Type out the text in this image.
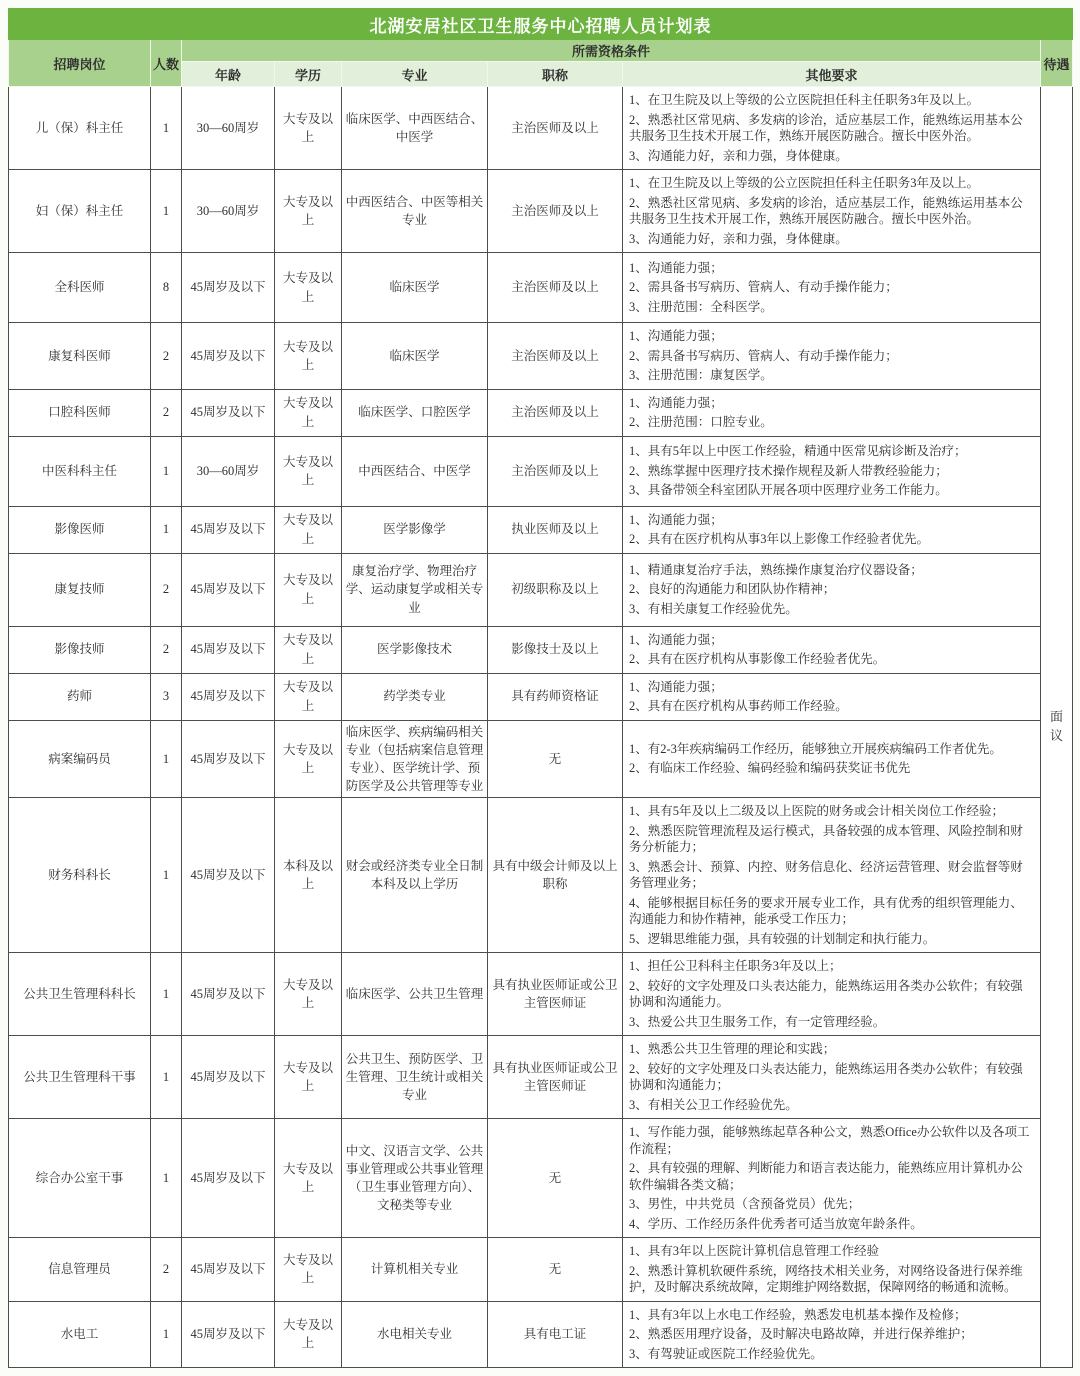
北湖安居社区卫生服务中心招聘人员计划表							
招聘岗位	人数	所需资格条件					待遇
		年龄	学历	专业	职称	其他要求	
儿（保）科主任	1	30—60周岁	大专及以上	临床医学、中西医结合、中医学	主治医师及以上	1、在卫生院及以上等级的公立医院担任科主任职务3年及以上。
2、熟悉社区常见病、多发病的诊治，适应基层工作，能熟练运用基本公共服务卫生技术开展工作，熟练开展医防融合。擅长中医外治。
3、沟通能力好，亲和力强，身体健康。	面议
妇（保）科主任	1	30—60周岁	大专及以上	中西医结合、中医等相关专业	主治医师及以上	1、在卫生院及以上等级的公立医院担任科主任职务3年及以上。
2、熟悉社区常见病、多发病的诊治，适应基层工作，能熟练运用基本公共服务卫生技术开展工作，熟练开展医防融合。擅长中医外治。
3、沟通能力好，亲和力强，身体健康。	

全科医师	8	45周岁及以下	大专及以上	临床医学	主治医师及以上	1、沟通能力强；
2、需具备书写病历、管病人、有动手操作能力；
3、注册范围：全科医学。	

康复科医师	2	45周岁及以下	大专及以上	临床医学	主治医师及以上	1、沟通能力强；
2、需具备书写病历、管病人、有动手操作能力；
3、注册范围：康复医学。	

口腔科医师	2	45周岁及以下	大专及以上	临床医学、口腔医学	主治医师及以上	1、沟通能力强；
2、注册范围：口腔专业。	

中医科科主任	1	30—60周岁	大专及以上	中西医结合、中医学	主治医师及以上	1、具有5年以上中医工作经验，精通中医常见病诊断及治疗；
2、熟练掌握中医理疗技术操作规程及新人带教经验能力；
3、具备带领全科室团队开展各项中医理疗业务工作能力。	

影像医师	1	45周岁及以下	大专及以上	医学影像学	执业医师及以上	1、沟通能力强；
2、具有在医疗机构从事3年以上影像工作经验者优先。	

康复技师	2	45周岁及以下	大专及以上	康复治疗学、物理治疗学、运动康复学或相关专业	初级职称及以上	1、精通康复治疗手法，熟练操作康复治疗仪器设备；
2、良好的沟通能力和团队协作精神；
3、有相关康复工作经验优先。	

影像技师	2	45周岁及以下	大专及以上	医学影像技术	影像技士及以上	1、沟通能力强；
2、具有在医疗机构从事影像工作经验者优先。	

药师	3	45周岁及以下	大专及以上	药学类专业	具有药师资格证	1、沟通能力强；
2、具有在医疗机构从事药师工作经验。	

病案编码员	1	45周岁及以下	大专及以上	临床医学、疾病编码相关专业（包括病案信息管理专业）、医学统计学、预防医学及公共管理等专业	无	1、有2-3年疾病编码工作经历，能够独立开展疾病编码工作者优先。
2、有临床工作经验、编码经验和编码获奖证书优先	

财务科科长	1	45周岁及以下	本科及以上	财会或经济类专业全日制本科及以上学历	具有中级会计师及以上职称	1、具有5年及以上二级及以上医院的财务或会计相关岗位工作经验；
2、熟悉医院管理流程及运行模式，具备较强的成本管理、风险控制和财务分析能力；
3、熟悉会计、预算、内控、财务信息化、经济运营管理、财会监督等财务管理业务；
4、能够根据目标任务的要求开展专业工作，具有优秀的组织管理能力、沟通能力和协作精神，能承受工作压力；
5、逻辑思维能力强，具有较强的计划制定和执行能力。	

公共卫生管理科科长	1	45周岁及以下	大专及以上	临床医学、公共卫生管理	具有执业医师证或公卫主管医师证	1、担任公卫科科主任职务3年及以上；
2、较好的文字处理及口头表达能力，能熟练运用各类办公软件；有较强协调和沟通能力。
3、热爱公共卫生服务工作，有一定管理经验。	

公共卫生管理科干事	1	45周岁及以下	大专及以上	公共卫生、预防医学、卫生管理、卫生统计或相关专业	具有执业医师证或公卫主管医师证	1、熟悉公共卫生管理的理论和实践；
2、较好的文字处理及口头表达能力，能熟练运用各类办公软件；有较强协调和沟通能力；
3、有相关公卫工作经验优先。	

综合办公室干事	1	45周岁及以下	大专及以上	中文、汉语言文学、公共事业管理或公共事业管理（卫生事业管理方向）、文秘类等专业	无	1、写作能力强，能够熟练起草各种公文，熟悉Office办公软件以及各项工作流程；
2、具有较强的理解、判断能力和语言表达能力，能熟练应用计算机办公软件编辑各类文稿；
3、男性，中共党员（含预备党员）优先；
4、学历、工作经历条件优秀者可适当放宽年龄条件。	

信息管理员	2	45周岁及以下	大专及以上	计算机相关专业	无	1、具有3年以上医院计算机信息管理工作经验
2、熟悉计算机软硬件系统，网络技术相关业务，对网络设备进行保养维护，及时解决系统故障，定期维护网络数据，保障网络的畅通和流畅。	

水电工	1	45周岁及以下	大专及以上	水电相关专业	具有电工证	1、具有3年以上水电工作经验，熟悉发电机基本操作及检修；
2、熟悉医用理疗设备，及时解决电路故障，并进行保养维护；
3、有驾驶证或医院工作经验优先。	
